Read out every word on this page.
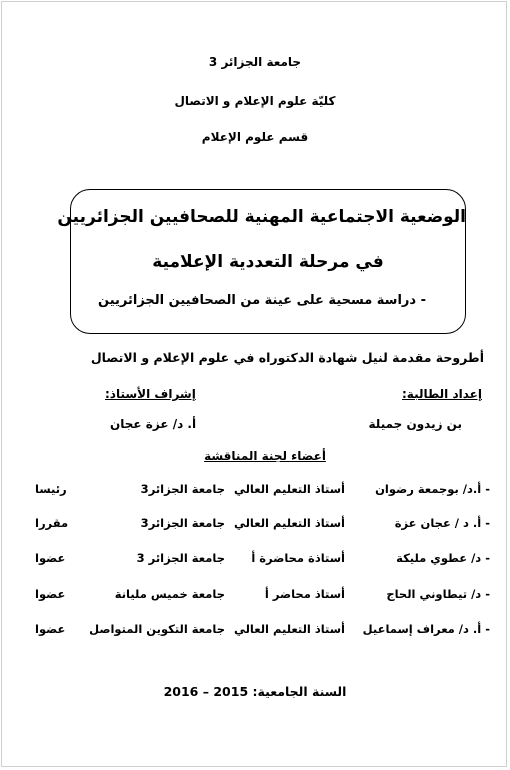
جامعة الجزائر 3
كليّة علوم الإعلام و الاتصال
قسم علوم الإعلام
الوضعية الاجتماعية المهنية للصحافيين الجزائريين
في مرحلة التعددية الإعلامية
- دراسة مسحية على عينة من الصحافيين الجزائريين
أطروحة مقدمة لنيل شهادة الدكتوراه في علوم الإعلام و الاتصال
إعداد الطالبة:
بن زيدون جميلة
إشراف الأستاذ:
أ. د/ عزة عجان
أعضاء لجنة المناقشة
- أ.د/ بوجمعة رضوان
أستاذ التعليم العالي
جامعة الجزائر3
رئيسا
- أ. د / عجان عزة
أستاذ التعليم العالي
جامعة الجزائر3
مقررا
- د/ عطوي مليكة
أستاذة محاضرة أ
جامعة الجزائر 3
عضوا
- د/ تيطاوني الحاج
أستاذ محاضر أ
جامعة خميس مليانة
عضوا
- أ. د/ معراف إسماعيل
أستاذ التعليم العالي
جامعة التكوين المتواصل
عضوا
السنة الجامعية: 2015 – 2016
